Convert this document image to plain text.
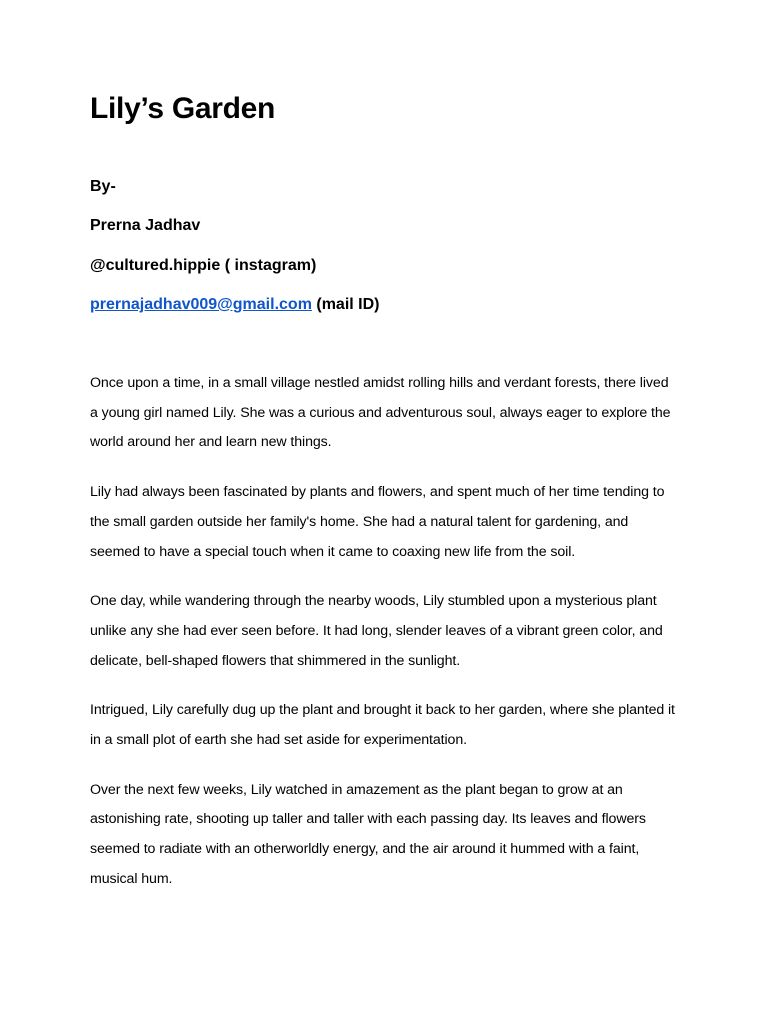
Lily’s Garden

By-

Prerna Jadhav

@cultured.hippie ( instagram)

prernajadhav009@gmail.com (mail ID)

Once upon a time, in a small village nestled amidst rolling hills and verdant forests, there lived a young girl named Lily. She was a curious and adventurous soul, always eager to explore the world around her and learn new things.

Lily had always been fascinated by plants and flowers, and spent much of her time tending to the small garden outside her family's home. She had a natural talent for gardening, and seemed to have a special touch when it came to coaxing new life from the soil.

One day, while wandering through the nearby woods, Lily stumbled upon a mysterious plant unlike any she had ever seen before. It had long, slender leaves of a vibrant green color, and delicate, bell-shaped flowers that shimmered in the sunlight.

Intrigued, Lily carefully dug up the plant and brought it back to her garden, where she planted it in a small plot of earth she had set aside for experimentation.

Over the next few weeks, Lily watched in amazement as the plant began to grow at an astonishing rate, shooting up taller and taller with each passing day. Its leaves and flowers seemed to radiate with an otherworldly energy, and the air around it hummed with a faint, musical hum.
